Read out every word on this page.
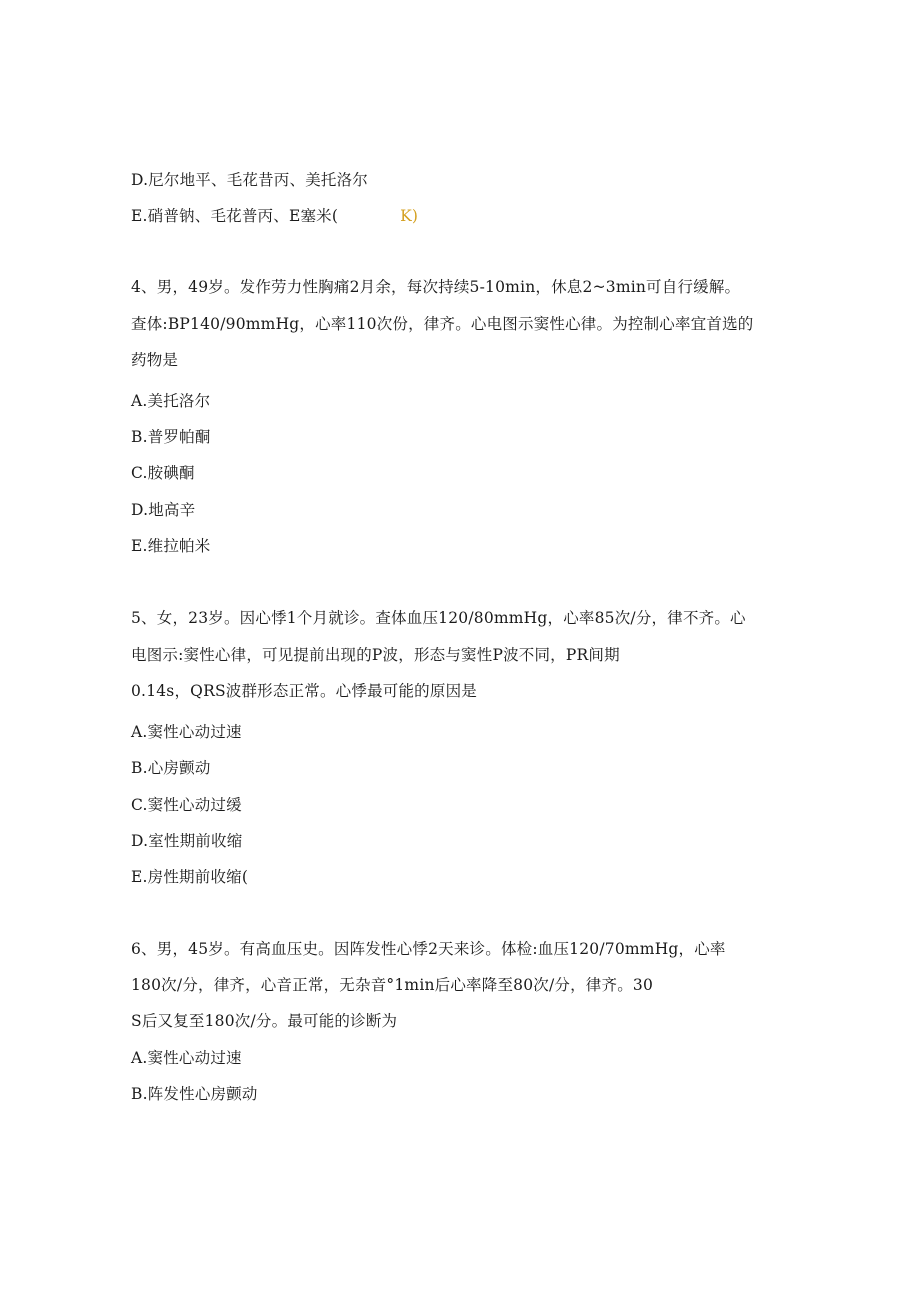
D.尼尔地平、毛花昔丙、美托洛尔
E.硝普钠、毛花普丙、E塞米(	K)
4、男，49岁。发作劳力性胸痛2月余，每次持续5-10min，休息2~3min可自行缓解。
查体:BP140/90mmHg，心率110次份，律齐。心电图示窦性心律。为控制心率宜首选的
药物是
A.美托洛尔
B.普罗帕酮
C.胺碘酮
D.地高辛
E.维拉帕米
5、女，23岁。因心悸1个月就诊。查体血压120/80mmHg，心率85次/分，律不齐。心
电图示:窦性心律，可见提前出现的P波，形态与窦性P波不同，PR间期
0.14s，QRS波群形态正常。心悸最可能的原因是
A.窦性心动过速
B.心房颤动
C.窦性心动过缓
D.室性期前收缩
E.房性期前收缩(
6、男，45岁。有高血压史。因阵发性心悸2天来诊。体检:血压120/70mmHg，心率
180次/分，律齐，心音正常，无杂音°1min后心率降至80次/分，律齐。30
S后又复至180次/分。最可能的诊断为
A.窦性心动过速
B.阵发性心房颤动
